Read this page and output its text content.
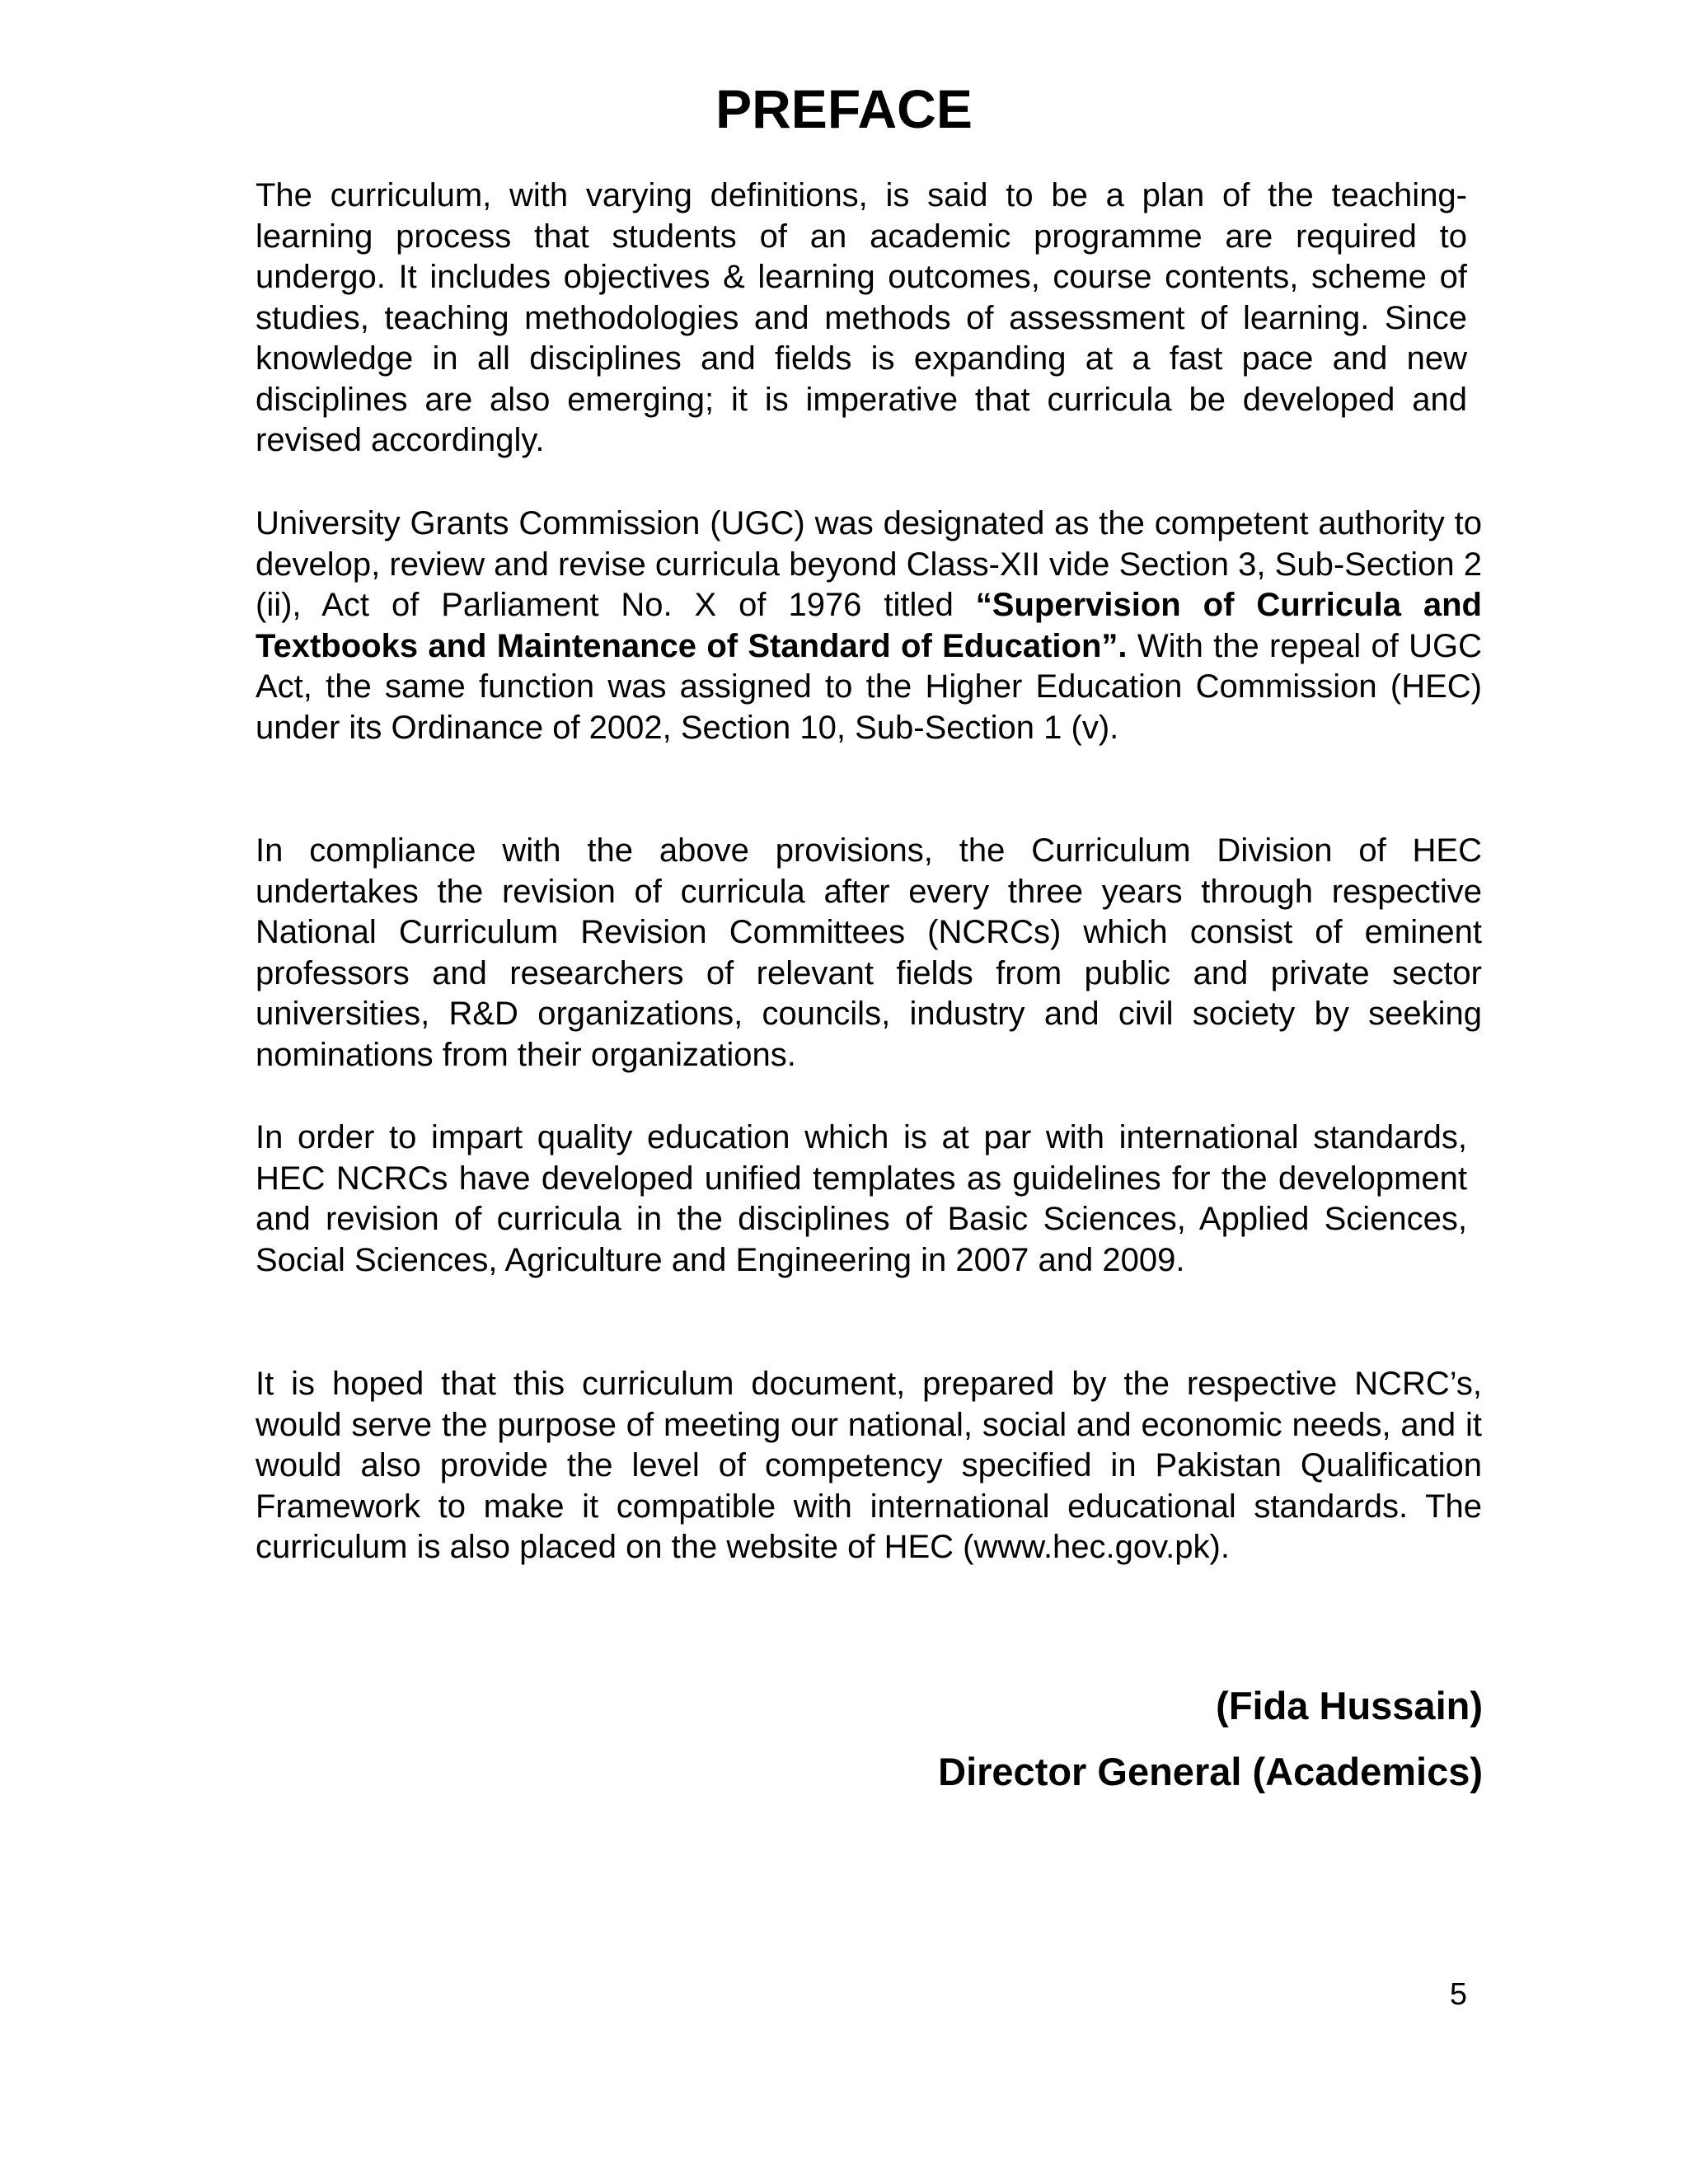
PREFACE

The curriculum, with varying definitions, is said to be a plan of the teaching-learning process that students of an academic programme are required to undergo. It includes objectives & learning outcomes, course contents, scheme of studies, teaching methodologies and methods of assessment of learning. Since knowledge in all disciplines and fields is expanding at a fast pace and new disciplines are also emerging; it is imperative that curricula be developed and revised accordingly.

University Grants Commission (UGC) was designated as the competent authority to develop, review and revise curricula beyond Class-XII vide Section 3, Sub-Section 2 (ii), Act of Parliament No. X of 1976 titled “Supervision of Curricula and Textbooks and Maintenance of Standard of Education”. With the repeal of UGC Act, the same function was assigned to the Higher Education Commission (HEC) under its Ordinance of 2002, Section 10, Sub-Section 1 (v).

In compliance with the above provisions, the Curriculum Division of HEC undertakes the revision of curricula after every three years through respective National Curriculum Revision Committees (NCRCs) which consist of eminent professors and researchers of relevant fields from public and private sector universities, R&D organizations, councils, industry and civil society by seeking nominations from their organizations.

In order to impart quality education which is at par with international standards, HEC NCRCs have developed unified templates as guidelines for the development and revision of curricula in the disciplines of Basic Sciences, Applied Sciences, Social Sciences, Agriculture and Engineering in 2007 and 2009.

It is hoped that this curriculum document, prepared by the respective NCRC’s, would serve the purpose of meeting our national, social and economic needs, and it would also provide the level of competency specified in Pakistan Qualification Framework to make it compatible with international educational standards. The curriculum is also placed on the website of HEC (www.hec.gov.pk).

(Fida Hussain)
Director General (Academics)
5
